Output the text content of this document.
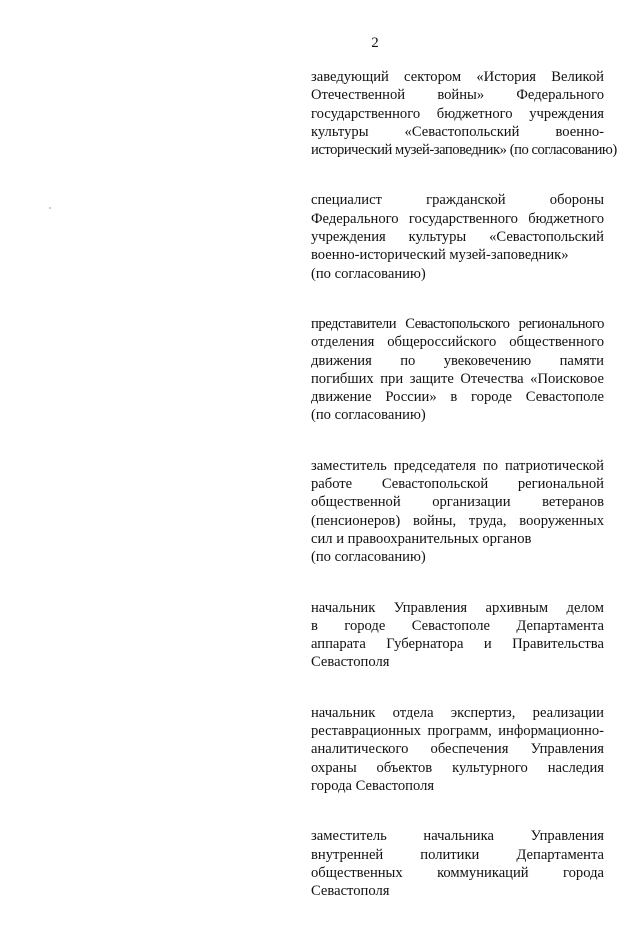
2
заведующий сектором «История Великой
Отечественной войны» Федерального
государственного бюджетного учреждения
культуры «Севастопольский военно-
исторический музей-заповедник» (по согласованию)
специалист гражданской обороны
Федерального государственного бюджетного
учреждения культуры «Севастопольский
военно-исторический музей-заповедник»
(по согласованию)
представители Севастопольского регионального
отделения общероссийского общественного
движения по увековечению памяти
погибших при защите Отечества «Поисковое
движение России» в городе Севастополе
(по согласованию)
заместитель председателя по патриотической
работе Севастопольской региональной
общественной организации ветеранов
(пенсионеров) войны, труда, вооруженных
сил и правоохранительных органов
(по согласованию)
начальник Управления архивным делом
в городе Севастополе Департамента
аппарата Губернатора и Правительства
Севастополя
начальник отдела экспертиз, реализации
реставрационных программ, информационно-
аналитического обеспечения Управления
охраны объектов культурного наследия
города Севастополя
заместитель начальника Управления
внутренней политики Департамента
общественных коммуникаций города
Севастополя
